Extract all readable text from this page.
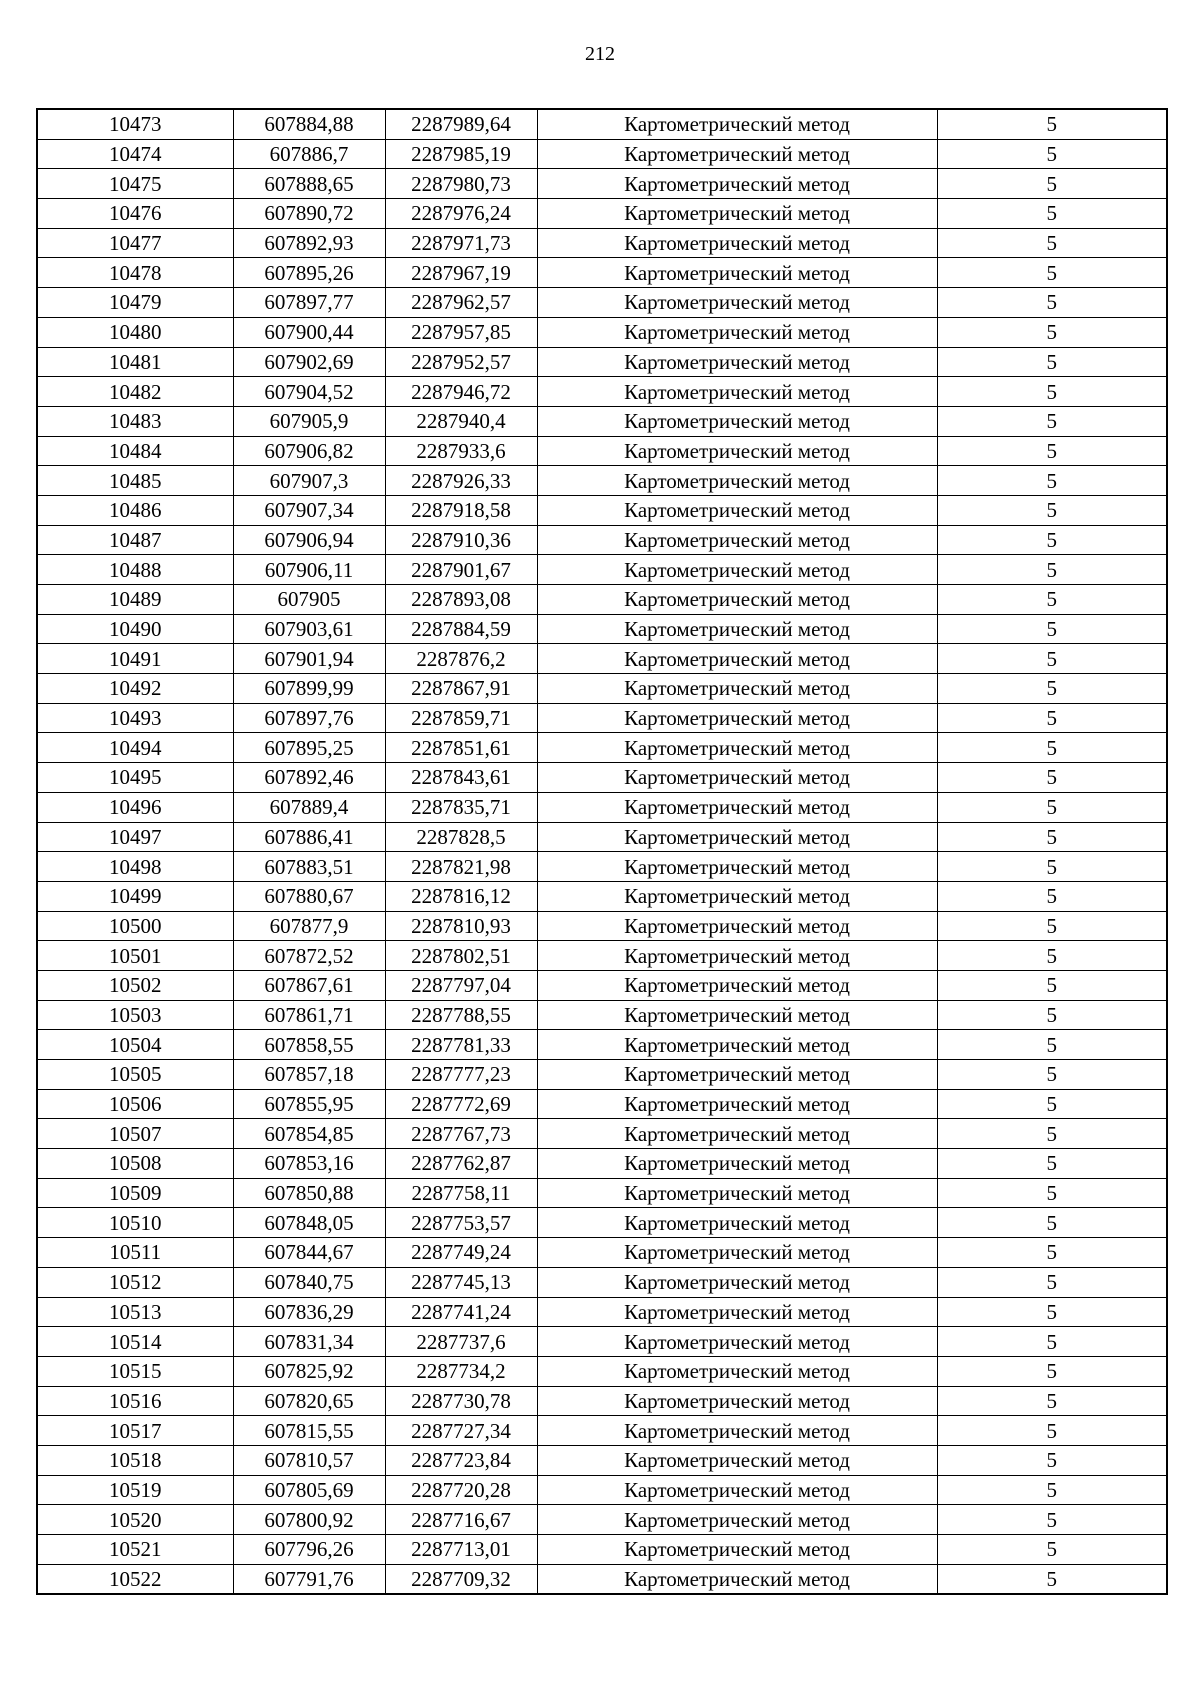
212
10473	607884,88	2287989,64	Картометрический метод	5
10474	607886,7	2287985,19	Картометрический метод	5
10475	607888,65	2287980,73	Картометрический метод	5
10476	607890,72	2287976,24	Картометрический метод	5
10477	607892,93	2287971,73	Картометрический метод	5
10478	607895,26	2287967,19	Картометрический метод	5
10479	607897,77	2287962,57	Картометрический метод	5
10480	607900,44	2287957,85	Картометрический метод	5
10481	607902,69	2287952,57	Картометрический метод	5
10482	607904,52	2287946,72	Картометрический метод	5
10483	607905,9	2287940,4	Картометрический метод	5
10484	607906,82	2287933,6	Картометрический метод	5
10485	607907,3	2287926,33	Картометрический метод	5
10486	607907,34	2287918,58	Картометрический метод	5
10487	607906,94	2287910,36	Картометрический метод	5
10488	607906,11	2287901,67	Картометрический метод	5
10489	607905	2287893,08	Картометрический метод	5
10490	607903,61	2287884,59	Картометрический метод	5
10491	607901,94	2287876,2	Картометрический метод	5
10492	607899,99	2287867,91	Картометрический метод	5
10493	607897,76	2287859,71	Картометрический метод	5
10494	607895,25	2287851,61	Картометрический метод	5
10495	607892,46	2287843,61	Картометрический метод	5
10496	607889,4	2287835,71	Картометрический метод	5
10497	607886,41	2287828,5	Картометрический метод	5
10498	607883,51	2287821,98	Картометрический метод	5
10499	607880,67	2287816,12	Картометрический метод	5
10500	607877,9	2287810,93	Картометрический метод	5
10501	607872,52	2287802,51	Картометрический метод	5
10502	607867,61	2287797,04	Картометрический метод	5
10503	607861,71	2287788,55	Картометрический метод	5
10504	607858,55	2287781,33	Картометрический метод	5
10505	607857,18	2287777,23	Картометрический метод	5
10506	607855,95	2287772,69	Картометрический метод	5
10507	607854,85	2287767,73	Картометрический метод	5
10508	607853,16	2287762,87	Картометрический метод	5
10509	607850,88	2287758,11	Картометрический метод	5
10510	607848,05	2287753,57	Картометрический метод	5
10511	607844,67	2287749,24	Картометрический метод	5
10512	607840,75	2287745,13	Картометрический метод	5
10513	607836,29	2287741,24	Картометрический метод	5
10514	607831,34	2287737,6	Картометрический метод	5
10515	607825,92	2287734,2	Картометрический метод	5
10516	607820,65	2287730,78	Картометрический метод	5
10517	607815,55	2287727,34	Картометрический метод	5
10518	607810,57	2287723,84	Картометрический метод	5
10519	607805,69	2287720,28	Картометрический метод	5
10520	607800,92	2287716,67	Картометрический метод	5
10521	607796,26	2287713,01	Картометрический метод	5
10522	607791,76	2287709,32	Картометрический метод	5
